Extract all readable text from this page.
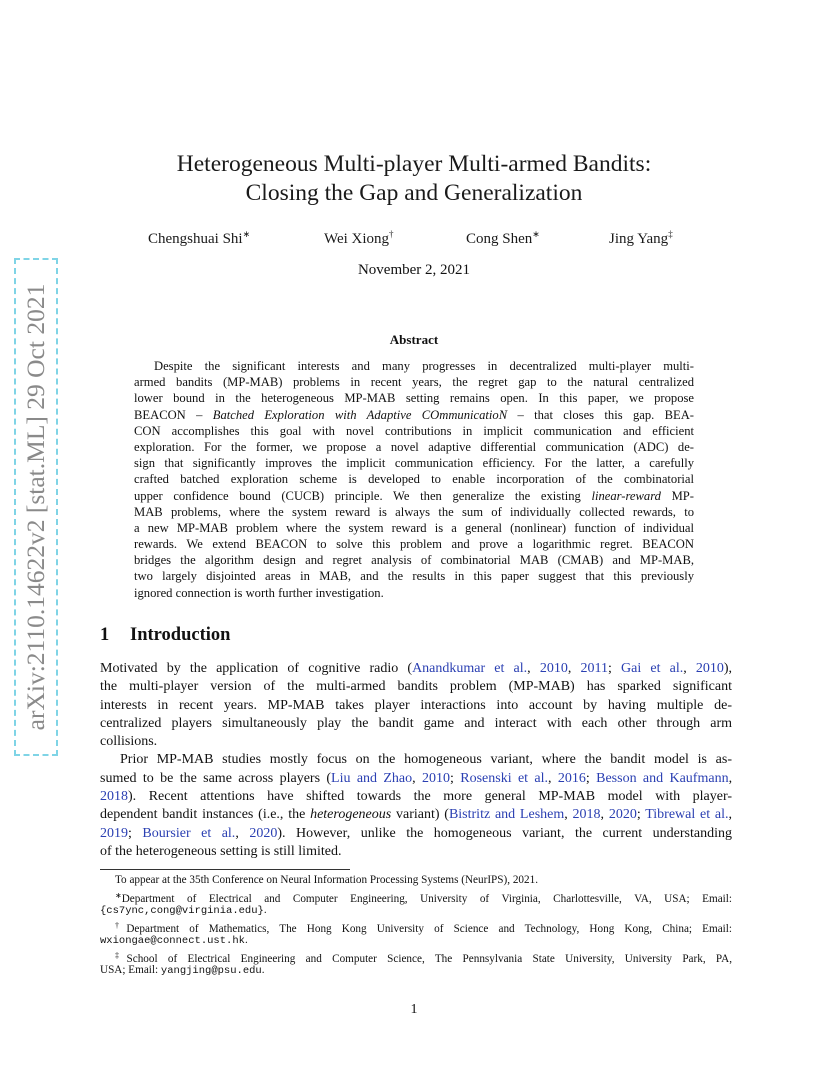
arXiv:2110.14622v2 [stat.ML] 29 Oct 2021
Heterogeneous Multi-player Multi-armed Bandits:
Closing the Gap and Generalization
Chengshuai Shi∗	Wei Xiong†	Cong Shen∗	Jing Yang‡
November 2, 2021
Abstract
Despite the significant interests and many progresses in decentralized multi-player multi-
armed bandits (MP-MAB) problems in recent years, the regret gap to the natural centralized
lower bound in the heterogeneous MP-MAB setting remains open. In this paper, we propose
BEACON – Batched Exploration with Adaptive COmmunicatioN – that closes this gap. BEA-
CON accomplishes this goal with novel contributions in implicit communication and efficient
exploration. For the former, we propose a novel adaptive differential communication (ADC) de-
sign that significantly improves the implicit communication efficiency. For the latter, a carefully
crafted batched exploration scheme is developed to enable incorporation of the combinatorial
upper confidence bound (CUCB) principle. We then generalize the existing linear-reward MP-
MAB problems, where the system reward is always the sum of individually collected rewards, to
a new MP-MAB problem where the system reward is a general (nonlinear) function of individual
rewards. We extend BEACON to solve this problem and prove a logarithmic regret. BEACON
bridges the algorithm design and regret analysis of combinatorial MAB (CMAB) and MP-MAB,
two largely disjointed areas in MAB, and the results in this paper suggest that this previously
ignored connection is worth further investigation.
1 Introduction
Motivated by the application of cognitive radio (Anandkumar et al., 2010, 2011; Gai et al., 2010),
the multi-player version of the multi-armed bandits problem (MP-MAB) has sparked significant
interests in recent years. MP-MAB takes player interactions into account by having multiple de-
centralized players simultaneously play the bandit game and interact with each other through arm
collisions.
Prior MP-MAB studies mostly focus on the homogeneous variant, where the bandit model is as-
sumed to be the same across players (Liu and Zhao, 2010; Rosenski et al., 2016; Besson and Kaufmann,
2018). Recent attentions have shifted towards the more general MP-MAB model with player-
dependent bandit instances (i.e., the heterogeneous variant) (Bistritz and Leshem, 2018, 2020; Tibrewal et al.,
2019; Boursier et al., 2020). However, unlike the homogeneous variant, the current understanding
of the heterogeneous setting is still limited.
To appear at the 35th Conference on Neural Information Processing Systems (NeurIPS), 2021.
∗Department of Electrical and Computer Engineering, University of Virginia, Charlottesville, VA, USA; Email:
{cs7ync,cong@virginia.edu}.
†Department of Mathematics, The Hong Kong University of Science and Technology, Hong Kong, China; Email:
wxiongae@connect.ust.hk.
‡School of Electrical Engineering and Computer Science, The Pennsylvania State University, University Park, PA,
USA; Email: yangjing@psu.edu.
1
